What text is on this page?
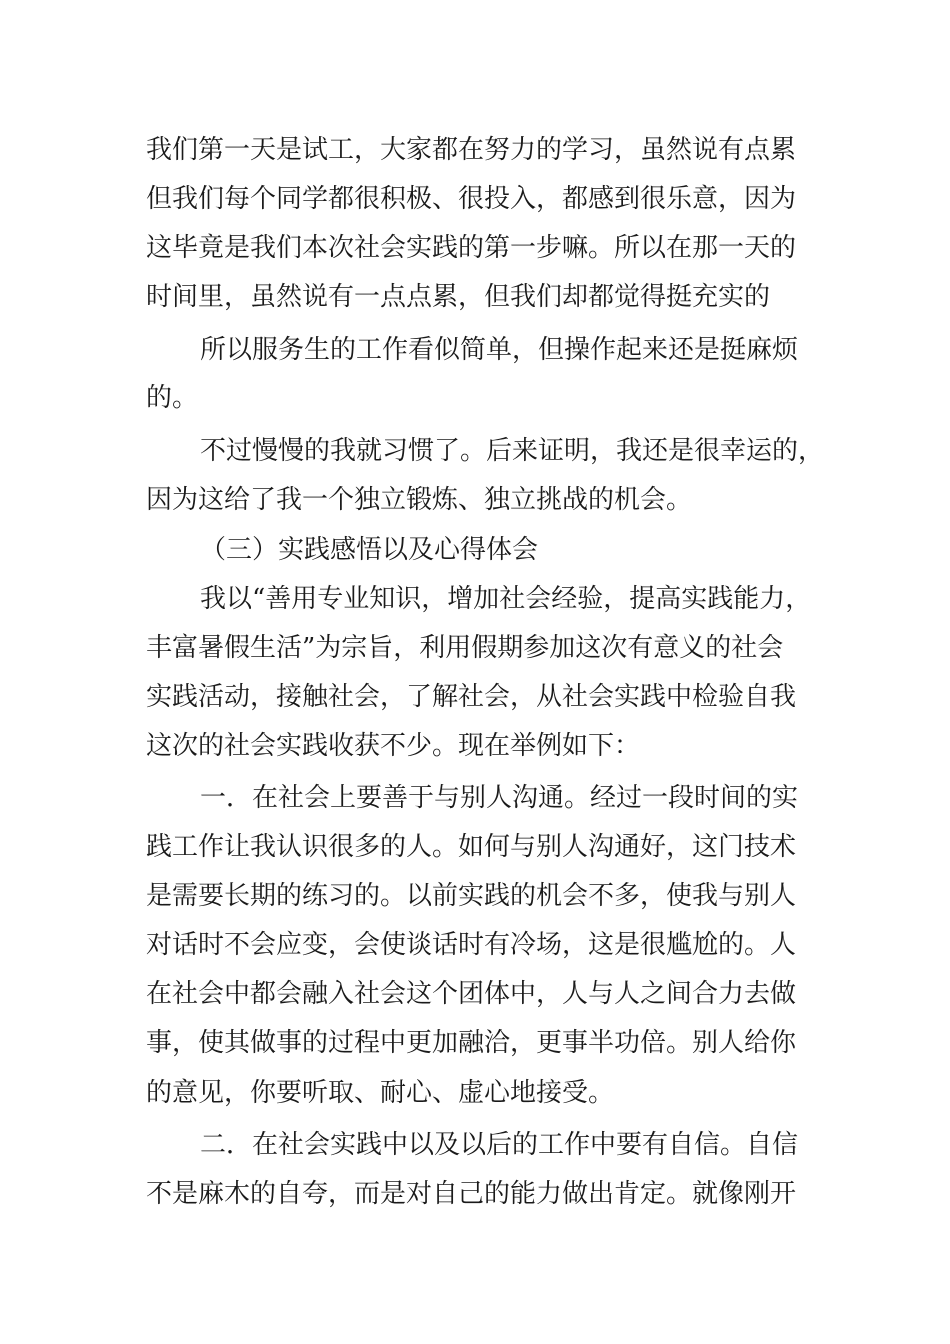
我们第一天是试工，大家都在努力的学习，虽然说有点累
但我们每个同学都很积极、很投入，都感到很乐意，因为
这毕竟是我们本次社会实践的第一步嘛。所以在那一天的
时间里，虽然说有一点点累，但我们却都觉得挺充实的
所以服务生的工作看似简单，但操作起来还是挺麻烦
的。
不过慢慢的我就习惯了。后来证明，我还是很幸运的，
因为这给了我一个独立锻炼、独立挑战的机会。
（三）实践感悟以及心得体会
我以“善用专业知识，增加社会经验，提高实践能力，
丰富暑假生活”为宗旨，利用假期参加这次有意义的社会
实践活动，接触社会，了解社会，从社会实践中检验自我
这次的社会实践收获不少。现在举例如下：
一．在社会上要善于与别人沟通。经过一段时间的实
践工作让我认识很多的人。如何与别人沟通好，这门技术
是需要长期的练习的。以前实践的机会不多，使我与别人
对话时不会应变，会使谈话时有冷场，这是很尴尬的。人
在社会中都会融入社会这个团体中，人与人之间合力去做
事，使其做事的过程中更加融洽，更事半功倍。别人给你
的意见，你要听取、耐心、虚心地接受。
二．在社会实践中以及以后的工作中要有自信。自信
不是麻木的自夸，而是对自己的能力做出肯定。就像刚开
